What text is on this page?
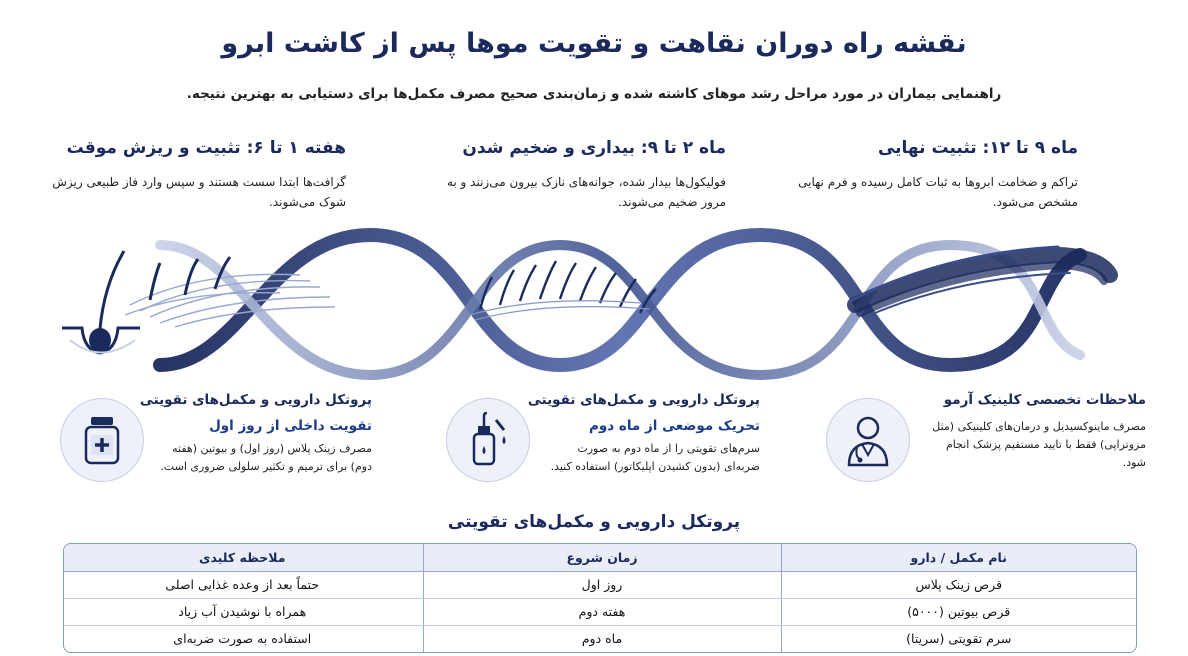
نقشه راه دوران نقاهت و تقویت موها پس از کاشت ابرو
راهنمایی بیماران در مورد مراحل رشد موهای کاشته شده و زمان‌بندی صحیح مصرف مکمل‌ها برای دستیابی به بهترین نتیجه.
ماه ۹ تا ۱۲: تثبیت نهایی

تراکم و ضخامت ابروها به ثبات کامل رسیده و فرم نهایی مشخص می‌شود.

ماه ۲ تا ۹: بیداری و ضخیم شدن

فولیکول‌ها بیدار شده، جوانه‌های نازک بیرون می‌زنند و به مرور ضخیم می‌شوند.

هفته ۱ تا ۶: تثبیت و ریزش موقت

گرافت‌ها ابتدا سست هستند و سپس وارد فاز طبیعی ریزش شوک می‌شوند.

ملاحظات تخصصی کلینیک آرمو

مصرف ماینوکسیدیل و درمان‌های کلینیکی (مثل مزوتراپی) فقط با تایید مستقیم پزشک انجام شود.

پروتکل دارویی و مکمل‌های تقویتی
تحریک موضعی از ماه دوم

سرم‌های تقویتی را از ماه دوم به صورت ضربه‌ای (بدون کشیدن اپلیکاتور) استفاده کنید.

پروتکل دارویی و مکمل‌های تقویتی
تقویت داخلی از روز اول

مصرف زینک پلاس (روز اول) و بیوتین (هفته دوم) برای ترمیم و تکثیر سلولی ضروری است.

پروتکل دارویی و مکمل‌های تقویتی
نام مکمل / دارو	زمان شروع	ملاحظه کلیدی
قرص زینک پلاس	روز اول	حتماً بعد از وعده غذایی اصلی
قرص بیوتین (۵۰۰۰)	هفته دوم	همراه با نوشیدن آب زیاد
سرم تقویتی (سریتا)	ماه دوم	استفاده به صورت ضربه‌ای
